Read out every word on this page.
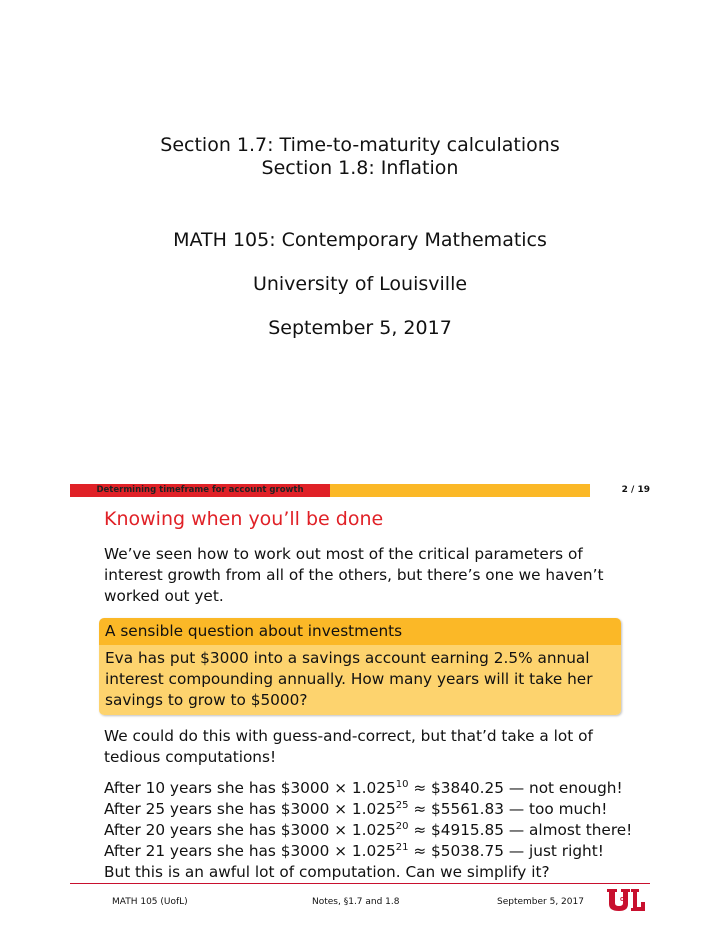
Section 1.7: Time-to-maturity calculations
Section 1.8: Inflation
MATH 105: Contemporary Mathematics
University of Louisville
September 5, 2017
Determining timeframe for account growth	2 / 19
Knowing when you’ll be done
We’ve seen how to work out most of the critical parameters of interest growth from all of the others, but there’s one we haven’t worked out yet.
A sensible question about investments
Eva has put $3000 into a savings account earning 2.5% annual interest compounding annually. How many years will it take her savings to grow to $5000?
We could do this with guess-and-correct, but that’d take a lot of tedious computations!
After 10 years she has $3000 × $1.025^{10}$ ≈ $3840.25 — not enough!
After 25 years she has $3000 × $1.025^{25}$ ≈ $5561.83 — too much!
After 20 years she has $3000 × $1.025^{20}$ ≈ $4915.85 — almost there!
After 21 years she has $3000 × $1.025^{21}$ ≈ $5038.75 — just right!
But this is an awful lot of computation. Can we simplify it?
MATH 105 (UofL)	Notes, §1.7 and 1.8	September 5, 2017	OF
